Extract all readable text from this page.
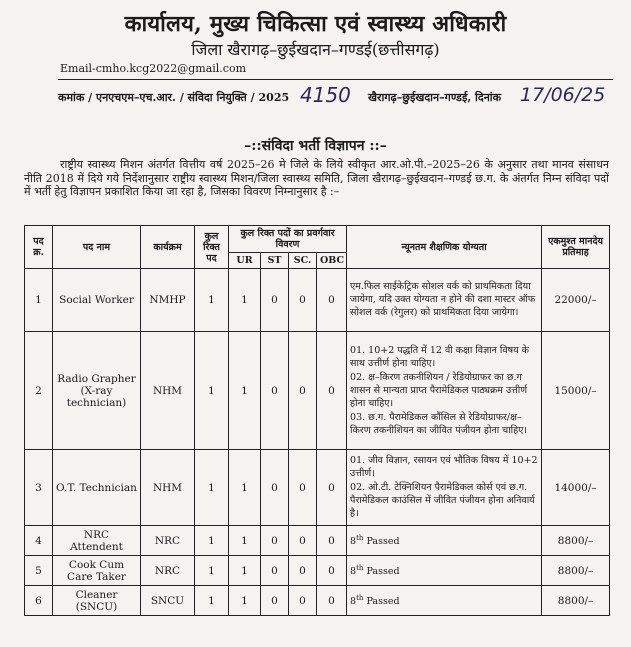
कार्यालय, मुख्य चिकित्सा एवं स्वास्थ्य अधिकारी
जिला खैरागढ़–छुईखदान–गण्डई(छत्तीसगढ़)
Email-cmho.kcg2022@gmail.com
कमांक / एनएचएम–एच.आर. / संविदा नियुक्ति / 2025 4150 खैरागढ़–छुईखदान–गण्डई, दिनांक 17/06/25
–::संविदा भर्ती विज्ञापन ::–
राष्ट्रीय स्वास्थ्य मिशन अंतर्गत वित्तीय वर्ष 2025–26 मे जिले के लिये स्वीकृत आर.ओ.पी.–2025–26 के अनुसार तथा मानव संसाधन नीति 2018 में दिये गये निर्देशानुसार राष्ट्रीय स्वास्थ्य मिशन/जिला स्वास्थ्य समिति, जिला खैरागढ़–छुईखदान–गण्डई छ.ग. के अंतर्गत निम्न संविदा पदों में भर्ती हेतु विज्ञापन प्रकाशित किया जा रहा है, जिसका विवरण निम्नानुसार है :–
पद क्र.	पद नाम	कार्यक्रम	कुल रिक्त पद	कुल रिक्त पदों का प्रवर्गवार विवरण				न्यूनतम शैक्षणिक योग्यता	एकमुश्त मानदेय प्रतिमाह
				UR	ST	SC.	OBC		
1	Social Worker	NMHP	1	1	0	0	0	एम.फिल साईकेट्रिक सोशल वर्क को प्राथमिकता दिया जायेगा, यदि उक्त योग्यता न होने की दशा मास्टर ऑफ सोशल वर्क (रेगुलर) को प्राथमिकता दिया जायेगा।	22000/–
2	Radio Grapher (X-ray technician)	NHM	1	1	0	0	0	01. 10+2 पद्धति में 12 वी कक्षा विज्ञान विषय के साथ उत्तीर्ण होना चाहिए।
02. क्ष–किरण तकनीशियन / रेडियोग्राफर का छ.ग शासन से मान्यता प्राप्त पैरामेडिकल पाठ्यक्रम उत्तीर्ण होना चाहिए।
03. छ.ग. पैरामेडिकल कौंसिल से रेडियोग्राफर/क्ष–किरण तकनीशियन का जीवित पंजीयन होना चाहिए।	15000/–
3	O.T. Technician	NHM	1	1	0	0	0	01. जीव विज्ञान, रसायन एवं भौतिक विषय में 10+2 उत्तीर्ण।
02. ओ.टी. टेक्निशियन पैरामेडिकल कोर्स एवं छ.ग. पैरामेडिकल काउंसिल में जीवित पंजीयन होना अनिवार्य है।	14000/–
4	NRC Attendent	NRC	1	1	0	0	0	8th Passed	8800/–
5	Cook Cum Care Taker	NRC	1	1	0	0	0	8th Passed	8800/–
6	Cleaner (SNCU)	SNCU	1	1	0	0	0	8th Passed	8800/–
